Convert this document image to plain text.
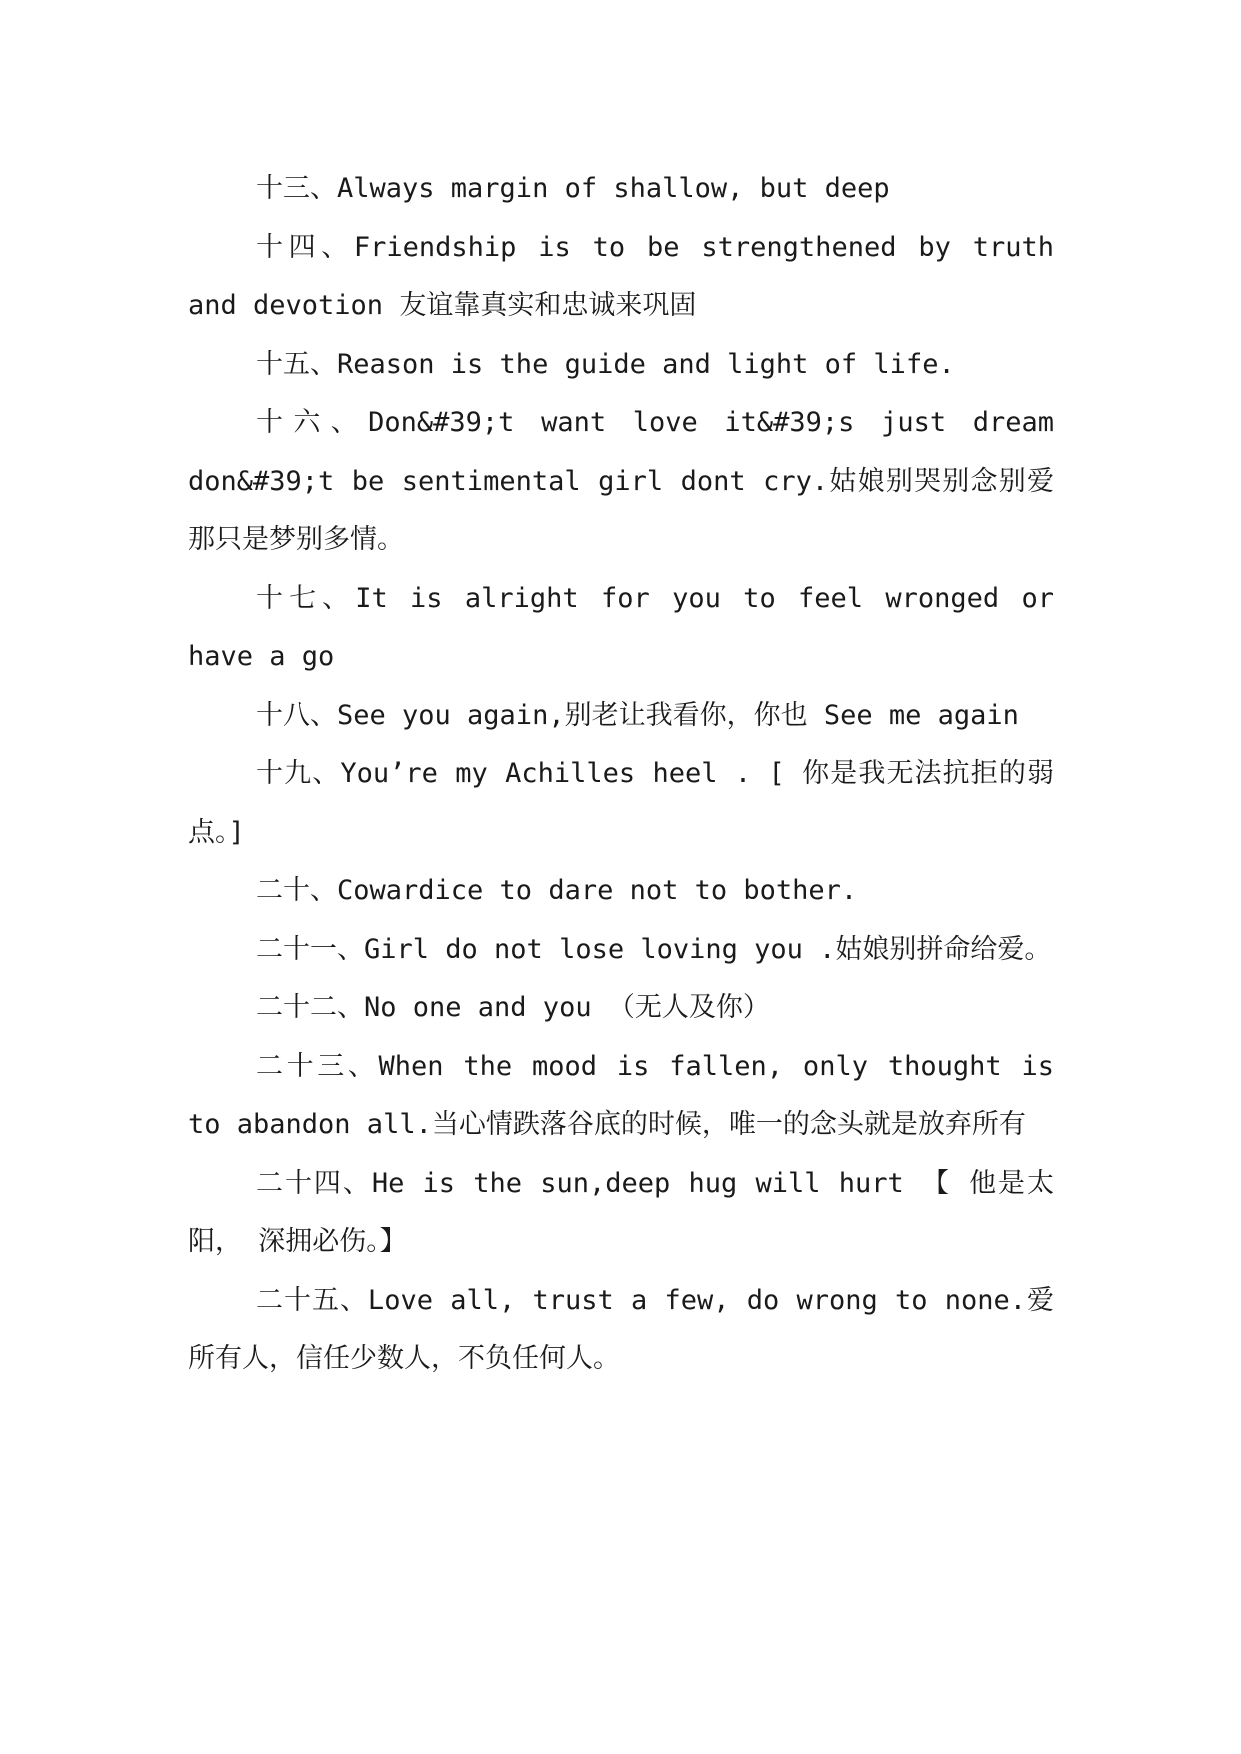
十三、Always margin of shallow, but deep

十四、Friendship is to be strengthened by truth and devotion 友谊靠真实和忠诚来巩固

十五、Reason is the guide and light of life.

十六、Don&#39;t want love it&#39;s just dream don&#39;t be sentimental girl dont cry.姑娘别哭别念别爱那只是梦别多情。

十七、It is alright for you to feel wronged or have a go

十八、See you again,别老让我看你，你也 See me again

十九、You’re my Achilles heel . [ 你是我无法抗拒的弱点。]

二十、Cowardice to dare not to bother.

二十一、Girl do not lose loving you .姑娘别拼命给爱。

二十二、No one and you （无人及你）

二十三、When the mood is fallen, only thought is to abandon all.当心情跌落谷底的时候，唯一的念头就是放弃所有

二十四、He is the sun,deep hug will hurt 【 他是太阳， 深拥必伤。】

二十五、Love all, trust a few, do wrong to none.爱所有人，信任少数人，不负任何人。
